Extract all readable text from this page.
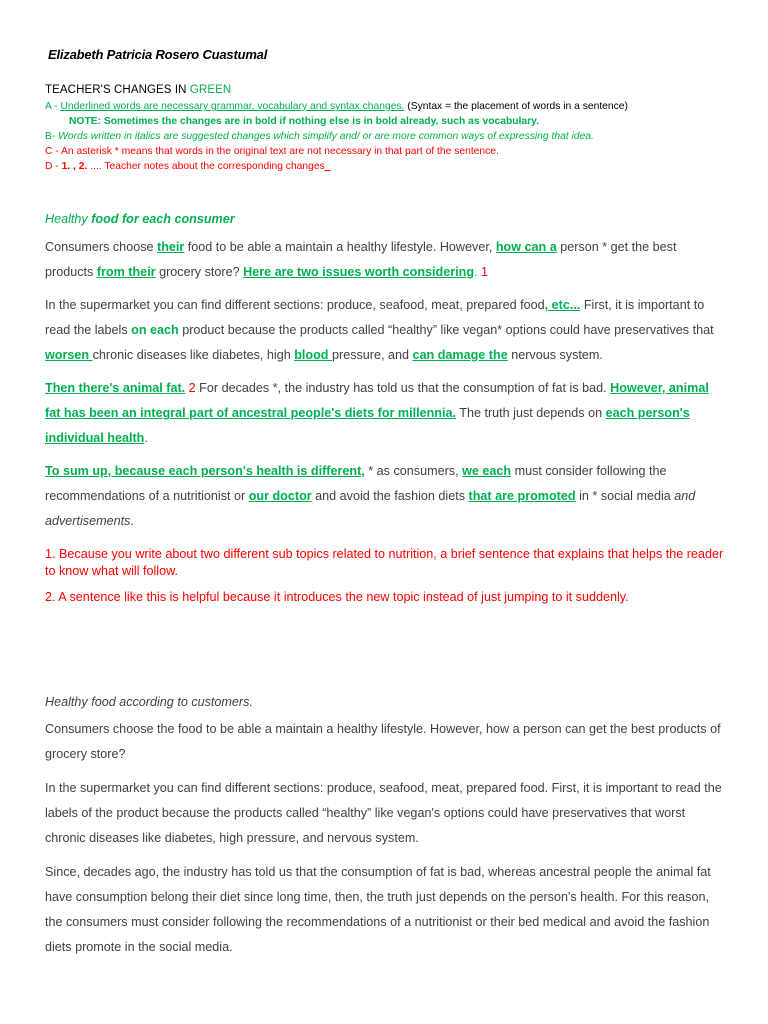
Elizabeth Patricia Rosero Cuastumal
TEACHER'S CHANGES IN GREEN
A - Underlined words are necessary grammar, vocabulary and syntax changes. (Syntax = the placement of words in a sentence)
NOTE: Sometimes the changes are in bold if nothing else is in bold already, such as vocabulary.
B- Words written in italics are suggested changes which simplify and/ or are more common ways of expressing that idea.
C - An asterisk * means that words in the original text are not necessary in that part of the sentence.
D - 1. , 2. .... Teacher notes about the corresponding changes_

Healthy food for each consumer

Consumers choose their food to be able a maintain a healthy lifestyle. However, how can a person * get the best products from their grocery store? Here are two issues worth considering. 1

In the supermarket you can find different sections: produce, seafood, meat, prepared food, etc... First, it is important to read the labels on each product because the products called “healthy” like vegan* options could have preservatives that worsen chronic diseases like diabetes, high blood pressure, and can damage the nervous system.

Then there's animal fat. 2 For decades *, the industry has told us that the consumption of fat is bad. However, animal fat has been an integral part of ancestral people's diets for millennia. The truth just depends on each person's individual health.

To sum up, because each person's health is different, * as consumers, we each must consider following the recommendations of a nutritionist or our doctor and avoid the fashion diets that are promoted in * social media and advertisements.

1. Because you write about two different sub topics related to nutrition, a brief sentence that explains that helps the reader to know what will follow.

2. A sentence like this is helpful because it introduces the new topic instead of just jumping to it suddenly.

Healthy food according to customers.

Consumers choose the food to be able a maintain a healthy lifestyle. However, how a person can get the best products of grocery store?

In the supermarket you can find different sections: produce, seafood, meat, prepared food. First, it is important to read the labels of the product because the products called “healthy” like vegan's options could have preservatives that worst chronic diseases like diabetes, high pressure, and nervous system.

Since, decades ago, the industry has told us that the consumption of fat is bad, whereas ancestral people the animal fat have consumption belong their diet since long time, then, the truth just depends on the person's health. For this reason, the consumers must consider following the recommendations of a nutritionist or their bed medical and avoid the fashion diets promote in the social media.
